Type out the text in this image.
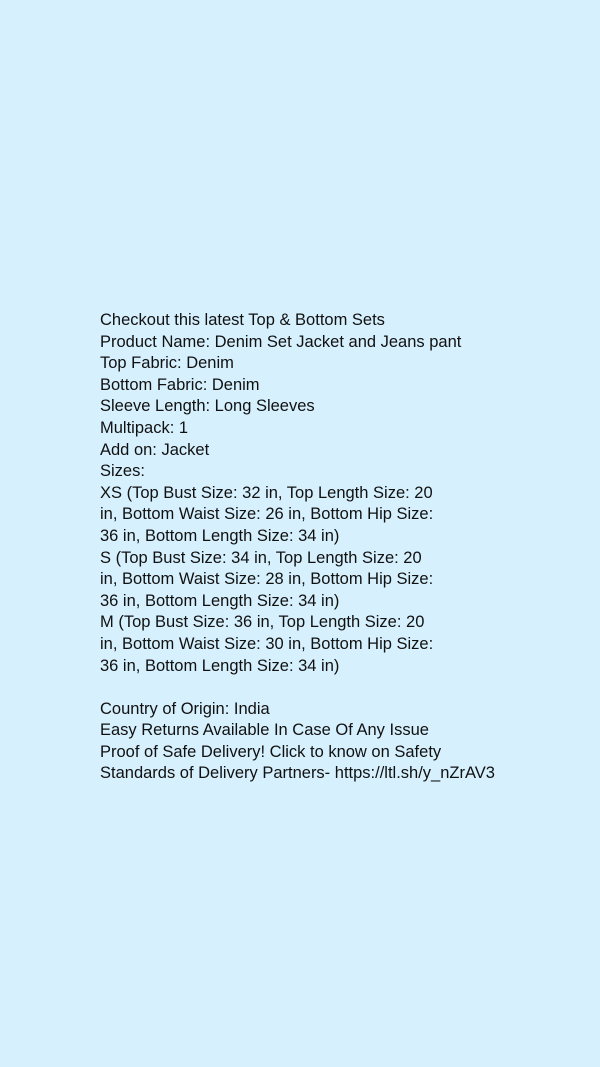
Checkout this latest Top & Bottom Sets
Product Name: Denim Set Jacket and Jeans pant
Top Fabric: Denim
Bottom Fabric: Denim
Sleeve Length: Long Sleeves
Multipack: 1
Add on: Jacket
Sizes:
XS (Top Bust Size: 32 in, Top Length Size: 20
in, Bottom Waist Size: 26 in, Bottom Hip Size:
36 in, Bottom Length Size: 34 in)
S (Top Bust Size: 34 in, Top Length Size: 20
in, Bottom Waist Size: 28 in, Bottom Hip Size:
36 in, Bottom Length Size: 34 in)
M (Top Bust Size: 36 in, Top Length Size: 20
in, Bottom Waist Size: 30 in, Bottom Hip Size:
36 in, Bottom Length Size: 34 in)
Country of Origin: India
Easy Returns Available In Case Of Any Issue
Proof of Safe Delivery! Click to know on Safety
Standards of Delivery Partners- https://ltl.sh/y_nZrAV3
